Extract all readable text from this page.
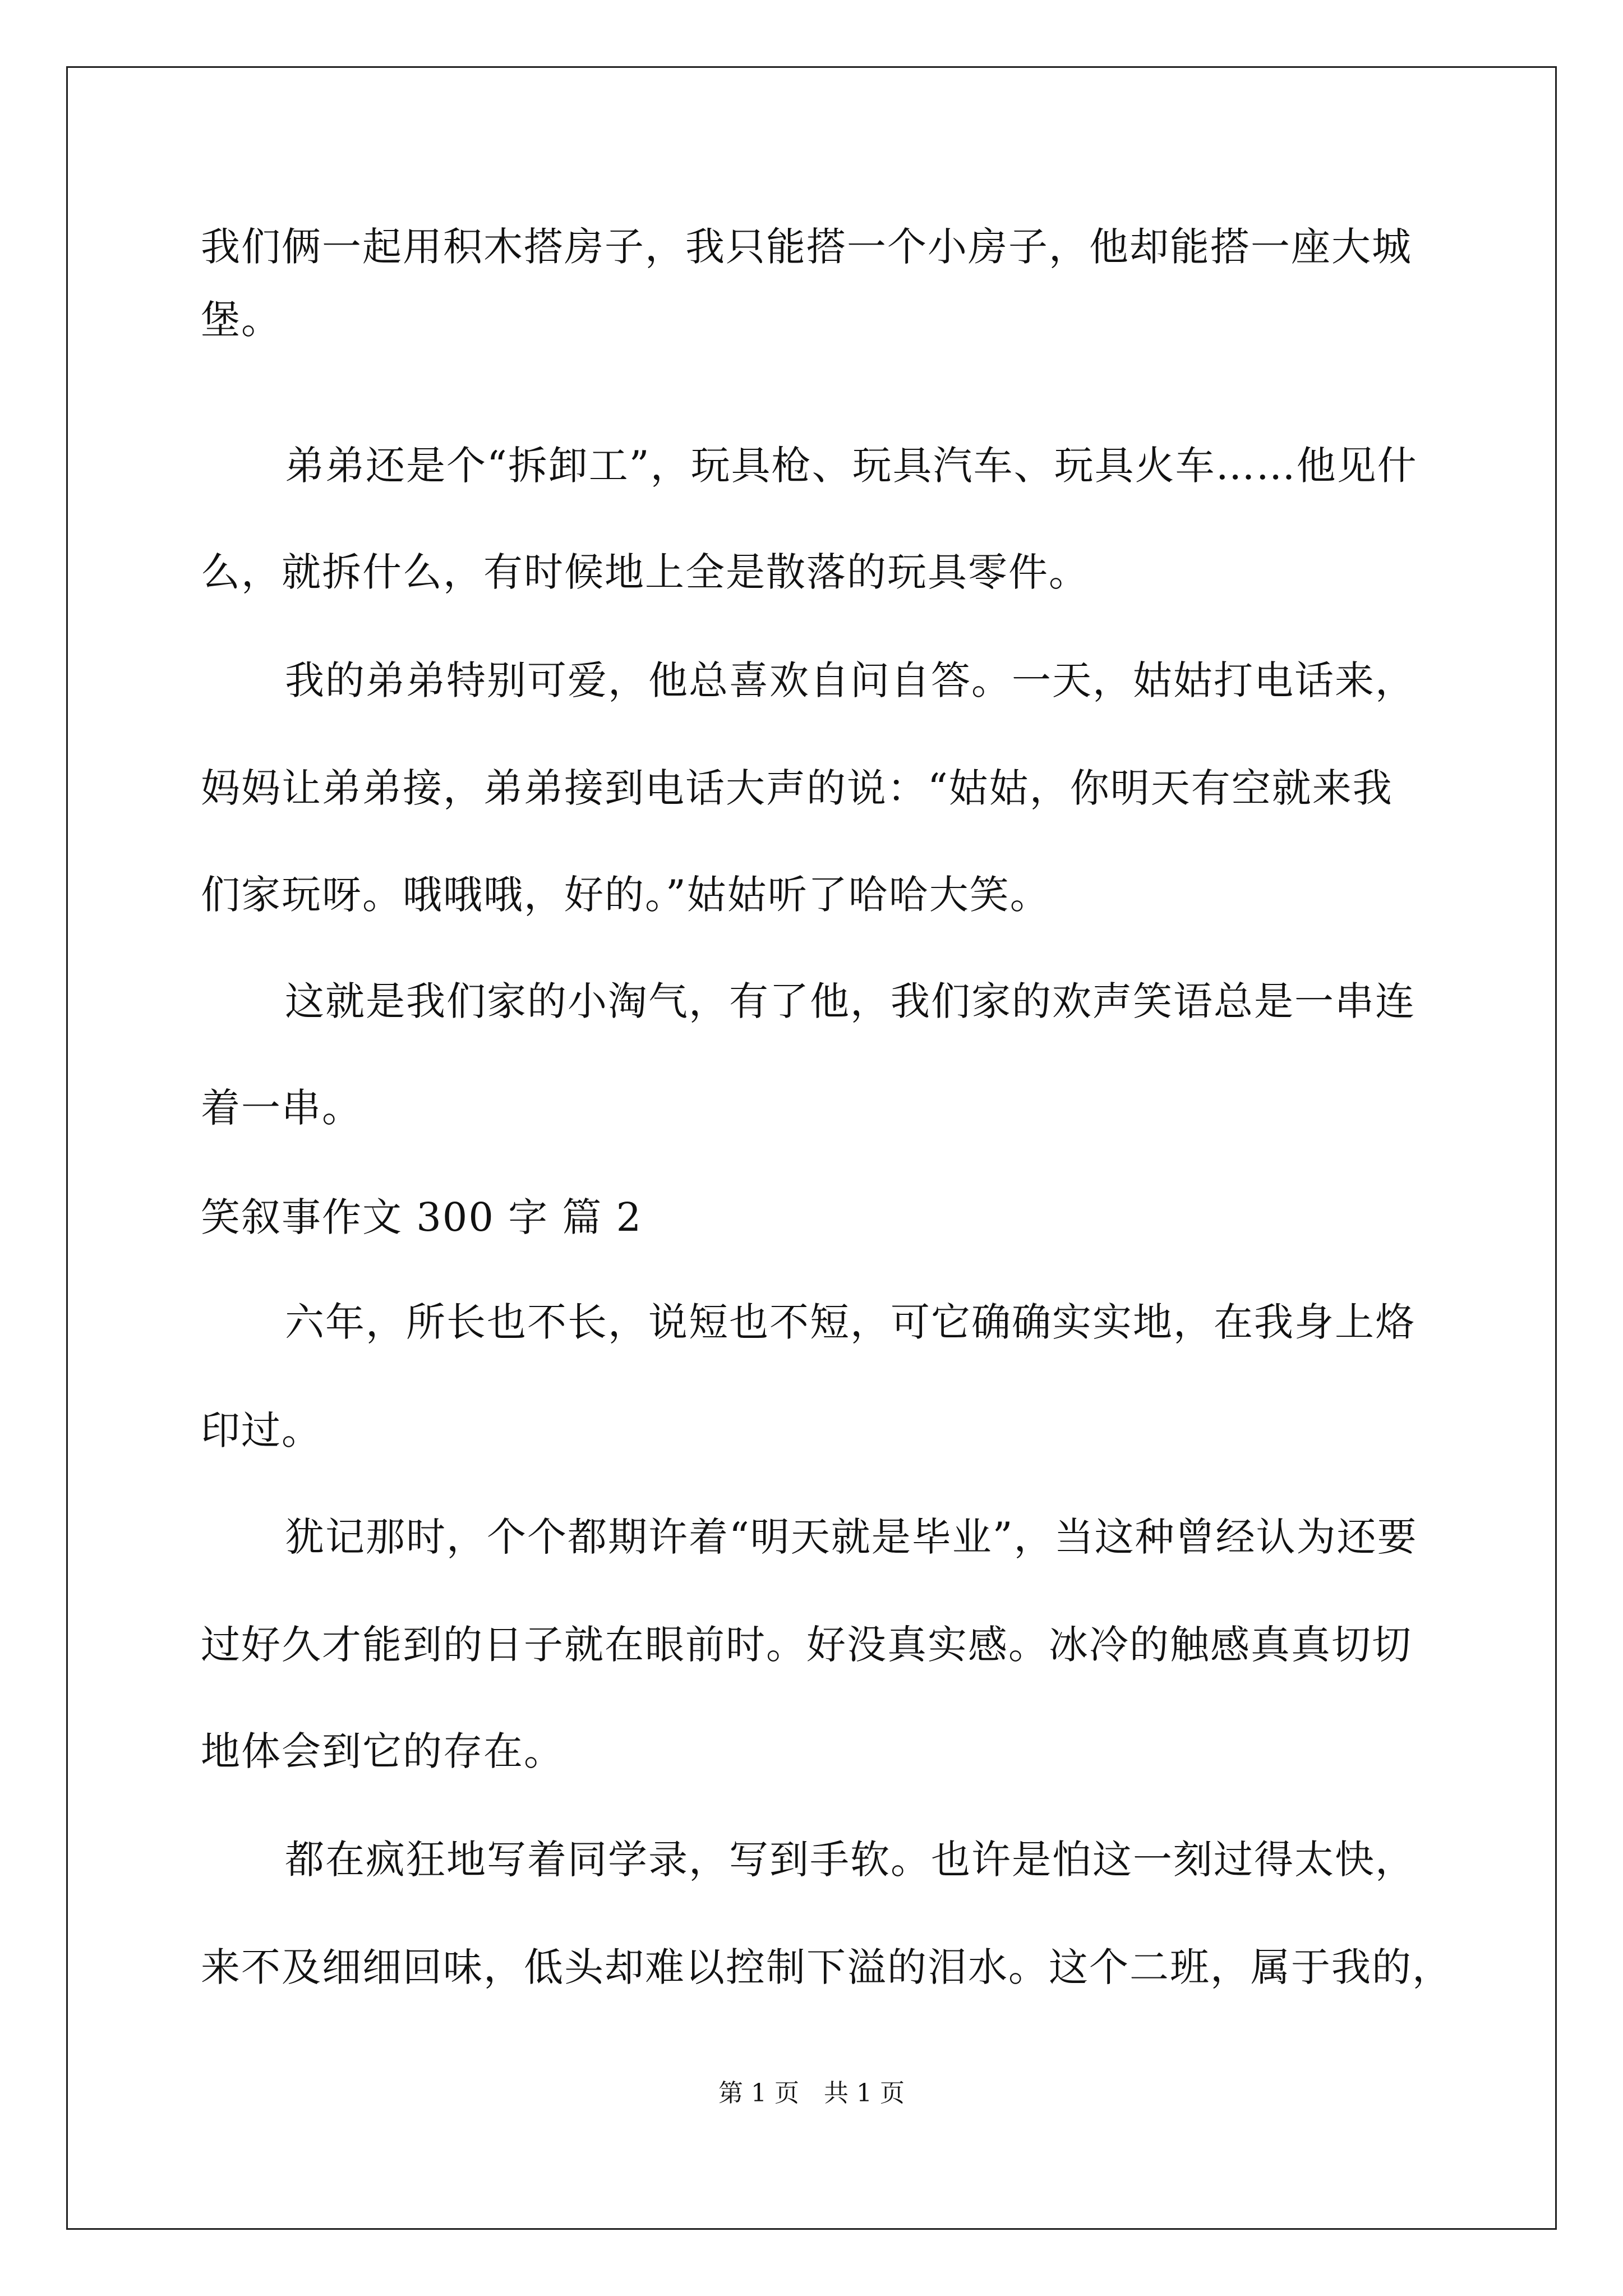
我们俩一起用积木搭房子，我只能搭一个小房子，他却能搭一座大城
堡。
弟弟还是个“拆卸工”，玩具枪、玩具汽车、玩具火车……他见什
么，就拆什么，有时候地上全是散落的玩具零件。
我的弟弟特别可爱，他总喜欢自问自答。一天，姑姑打电话来，
妈妈让弟弟接，弟弟接到电话大声的说：“姑姑，你明天有空就来我
们家玩呀。哦哦哦，好的。”姑姑听了哈哈大笑。
这就是我们家的小淘气，有了他，我们家的欢声笑语总是一串连
着一串。
笑叙事作文 300 字 篇 2
六年，所长也不长，说短也不短，可它确确实实地，在我身上烙
印过。
犹记那时，个个都期许着“明天就是毕业”，当这种曾经认为还要
过好久才能到的日子就在眼前时。好没真实感。冰冷的触感真真切切
地体会到它的存在。
都在疯狂地写着同学录，写到手软。也许是怕这一刻过得太快，
来不及细细回味，低头却难以控制下溢的泪水。这个二班，属于我的，
第 1 页 共 1 页
